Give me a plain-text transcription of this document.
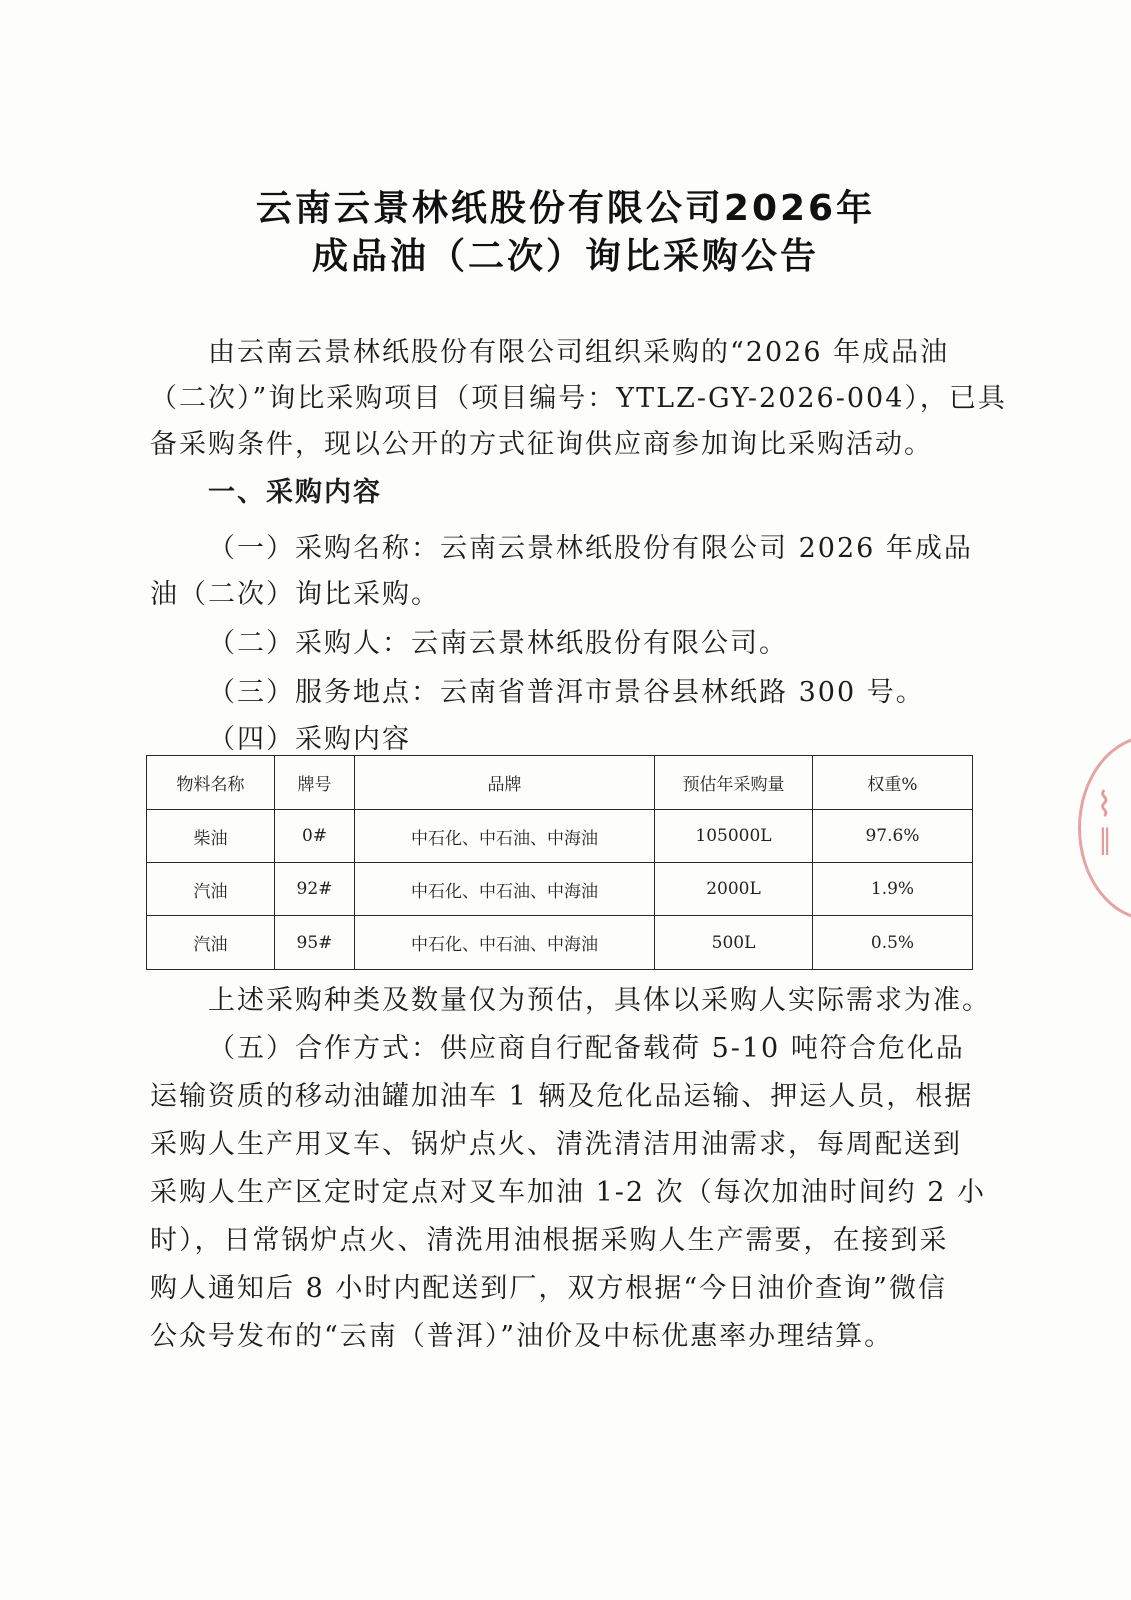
云南云景林纸股份有限公司2026年
成品油（二次）询比采购公告
由云南云景林纸股份有限公司组织采购的“2026 年成品油
（二次）”询比采购项目（项目编号：YTLZ-GY-2026-004），已具
备采购条件，现以公开的方式征询供应商参加询比采购活动。
一、采购内容
（一）采购名称：云南云景林纸股份有限公司 2026 年成品
油（二次）询比采购。
（二）采购人：云南云景林纸股份有限公司。
（三）服务地点：云南省普洱市景谷县林纸路 300 号。
（四）采购内容
物料名称	牌号	品牌	预估年采购量	权重%
柴油	0#	中石化、中石油、中海油	105000L	97.6%
汽油	92#	中石化、中石油、中海油	2000L	1.9%
汽油	95#	中石化、中石油、中海油	500L	0.5%
上述采购种类及数量仅为预估，具体以采购人实际需求为准。
（五）合作方式：供应商自行配备载荷 5-10 吨符合危化品
运输资质的移动油罐加油车 1 辆及危化品运输、押运人员，根据
采购人生产用叉车、锅炉点火、清洗清洁用油需求，每周配送到
采购人生产区定时定点对叉车加油 1-2 次（每次加油时间约 2 小
时），日常锅炉点火、清洗用油根据采购人生产需要，在接到采
购人通知后 8 小时内配送到厂，双方根据“今日油价查询”微信
公众号发布的“云南（普洱）”油价及中标优惠率办理结算。
⌇
∥
